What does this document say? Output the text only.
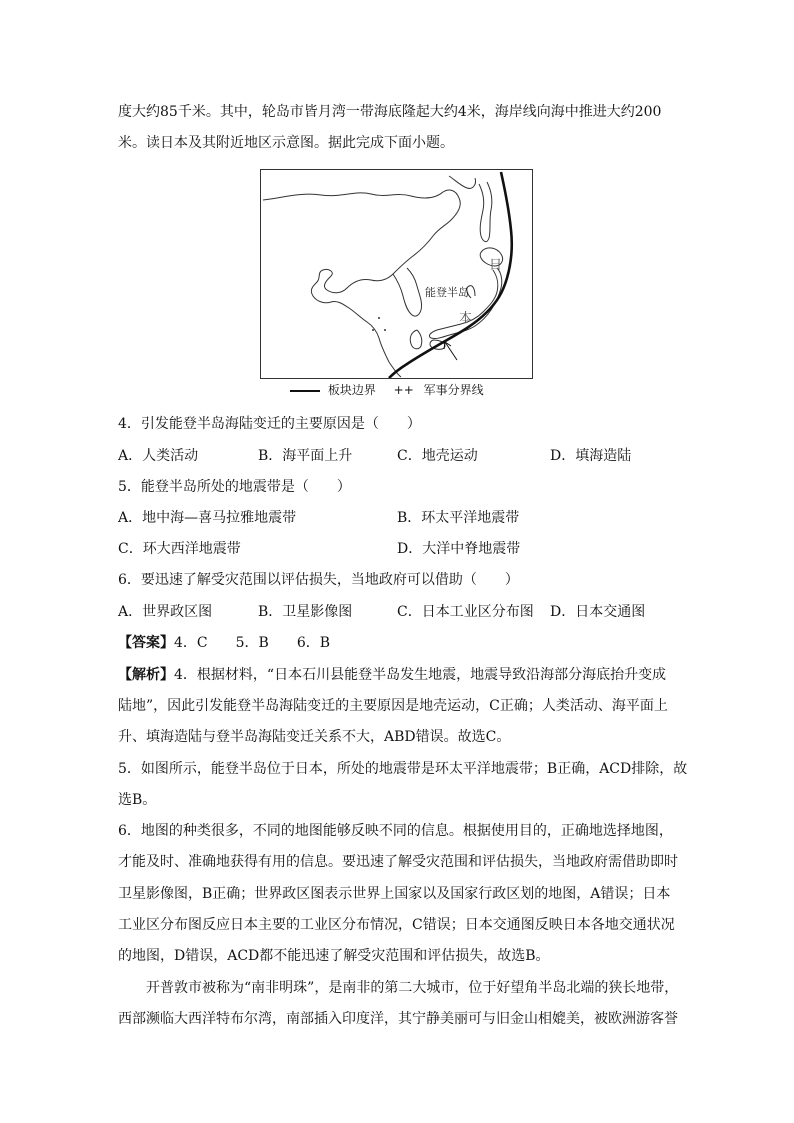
度大约85千米。其中，轮岛市皆月湾一带海底隆起大约4米，海岸线向海中推进大约200
米。读日本及其附近地区示意图。据此完成下面小题。
日
能登半岛
本
板块边界 ++ 军事分界线
4．引发能登半岛海陆变迁的主要原因是（　　）
A．人类活动	B．海平面上升	C．地壳运动	D．填海造陆
5．能登半岛所处的地震带是（　　）
A．地中海—喜马拉雅地震带	B．环太平洋地震带
C．环大西洋地震带	D．大洋中脊地震带
6．要迅速了解受灾范围以评估损失，当地政府可以借助（　　）
A．世界政区图	B．卫星影像图	C．日本工业区分布图 D．日本交通图
【答案】4．C　　5．B　　6．B
【解析】4．根据材料，“日本石川县能登半岛发生地震，地震导致沿海部分海底抬升变成
陆地”，因此引发能登半岛海陆变迁的主要原因是地壳运动，C正确；人类活动、海平面上
升、填海造陆与登半岛海陆变迁关系不大，ABD错误。故选C。
5．如图所示，能登半岛位于日本，所处的地震带是环太平洋地震带；B正确，ACD排除，故
选B。
6．地图的种类很多，不同的地图能够反映不同的信息。根据使用目的，正确地选择地图，
才能及时、准确地获得有用的信息。要迅速了解受灾范围和评估损失，当地政府需借助即时
卫星影像图，B正确；世界政区图表示世界上国家以及国家行政区划的地图，A错误；日本
工业区分布图反应日本主要的工业区分布情况，C错误；日本交通图反映日本各地交通状况
的地图，D错误，ACD都不能迅速了解受灾范围和评估损失，故选B。
开普敦市被称为“南非明珠”，是南非的第二大城市，位于好望角半岛北端的狭长地带，
西部濒临大西洋特布尔湾，南部插入印度洋，其宁静美丽可与旧金山相媲美，被欧洲游客誉
